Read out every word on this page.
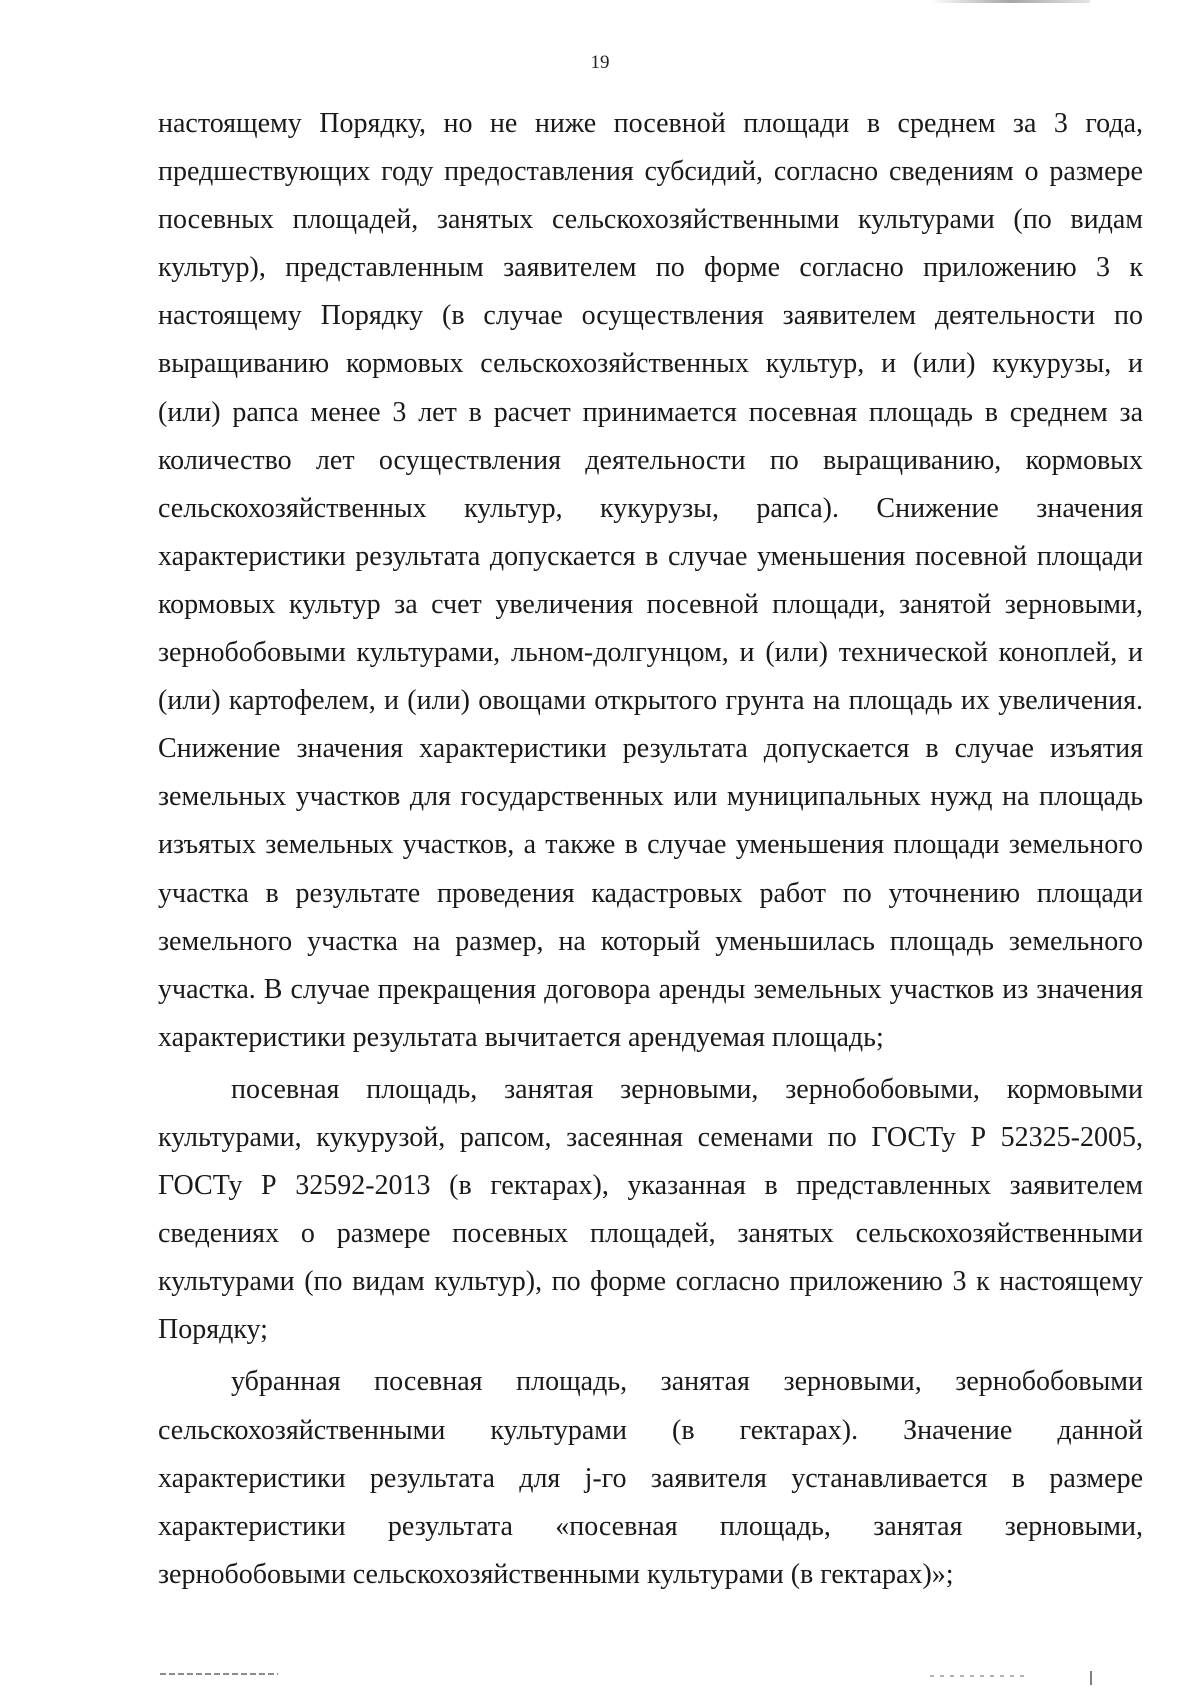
19

настоящему Порядку, но не ниже посевной площади в среднем за 3 года, предшествующих году предоставления субсидий, согласно сведениям о размере посевных площадей, занятых сельскохозяйственными культурами (по видам культур), представленным заявителем по форме согласно приложению 3 к настоящему Порядку (в случае осуществления заявителем деятельности по выращиванию кормовых сельскохозяйственных культур, и (или) кукурузы, и (или) рапса менее 3 лет в расчет принимается посевная площадь в среднем за количество лет осуществления деятельности по выращиванию, кормовых сельскохозяйственных культур, кукурузы, рапса). Снижение значения характеристики результата допускается в случае уменьшения посевной площади кормовых культур за счет увеличения посевной площади, занятой зерновыми, зернобобовыми культурами, льном-долгунцом, и (или) технической коноплей, и (или) картофелем, и (или) овощами открытого грунта на площадь их увеличения. Снижение значения характеристики результата допускается в случае изъятия земельных участков для государственных или муниципальных нужд на площадь изъятых земельных участков, а также в случае уменьшения площади земельного участка в результате проведения кадастровых работ по уточнению площади земельного участка на размер, на который уменьшилась площадь земельного участка. В случае прекращения договора аренды земельных участков из значения характеристики результата вычитается арендуемая площадь;

посевная площадь, занятая зерновыми, зернобобовыми, кормовыми культурами, кукурузой, рапсом, засеянная семенами по ГОСТу Р 52325-2005, ГОСТу Р 32592-2013 (в гектарах), указанная в представленных заявителем сведениях о размере посевных площадей, занятых сельскохозяйственными культурами (по видам культур), по форме согласно приложению 3 к настоящему Порядку;

убранная посевная площадь, занятая зерновыми, зернобобовыми сельскохозяйственными культурами (в гектарах). Значение данной характеристики результата для j-го заявителя устанавливается в размере характеристики результата «посевная площадь, занятая зерновыми, зернобобовыми сельскохозяйственными культурами (в гектарах)»;
